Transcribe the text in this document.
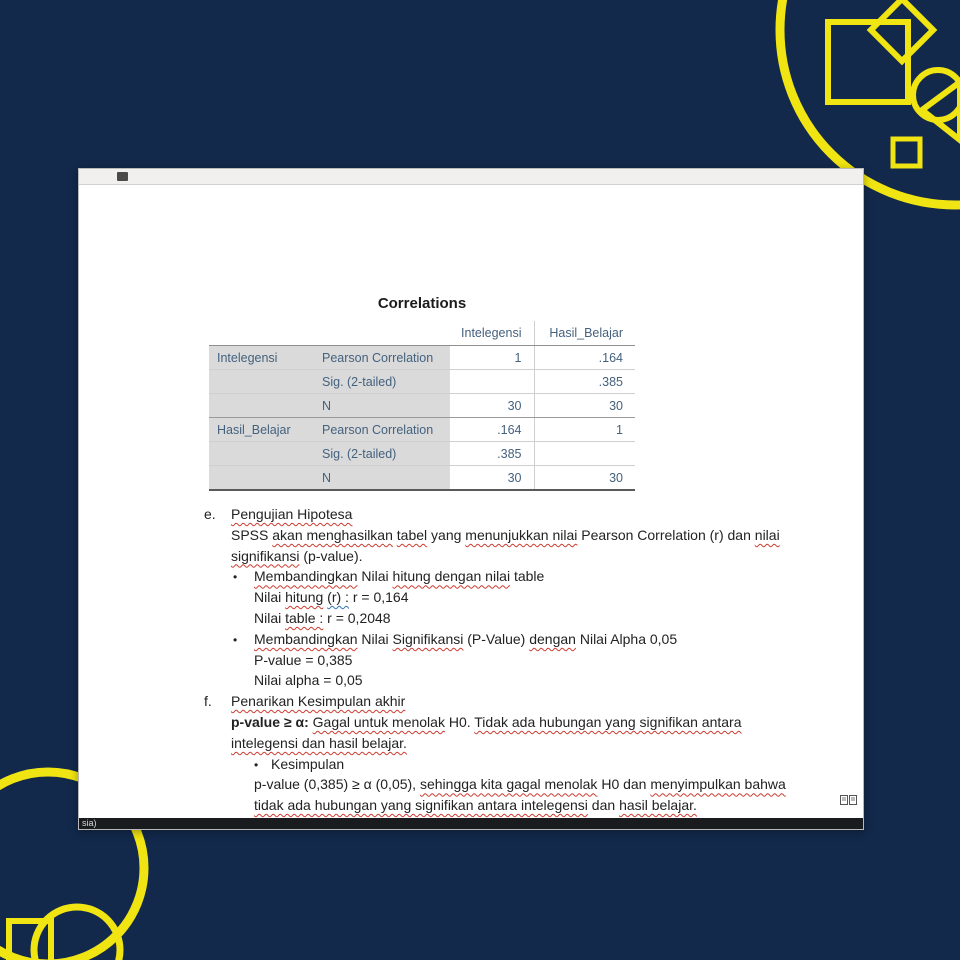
Correlations
		Intelegensi	Hasil_Belajar
Intelegensi	Pearson Correlation	1	.164
	Sig. (2-tailed)		.385
	N	30	30
Hasil_Belajar	Pearson Correlation	.164	1
	Sig. (2-tailed)	.385	
	N	30	30
e. Pengujian Hipotesa
SPSS akan menghasilkan tabel yang menunjukkan nilai Pearson Correlation (r) dan nilai
signifikansi (p-value).
• Membandingkan Nilai hitung dengan nilai table
Nilai hitung (r) : r = 0,164
Nilai table : r = 0,2048
• Membandingkan Nilai Signifikansi (P-Value) dengan Nilai Alpha 0,05
P-value = 0,385
Nilai alpha = 0,05
f. Penarikan Kesimpulan akhir
p-value ≥ α: Gagal untuk menolak H0. Tidak ada hubungan yang signifikan antara
intelegensi dan hasil belajar.
• Kesimpulan
p-value (0,385) ≥ α (0,05), sehingga kita gagal menolak H0 dan menyimpulkan bahwa
tidak ada hubungan yang signifikan antara intelegensi dan hasil belajar.
sia)
